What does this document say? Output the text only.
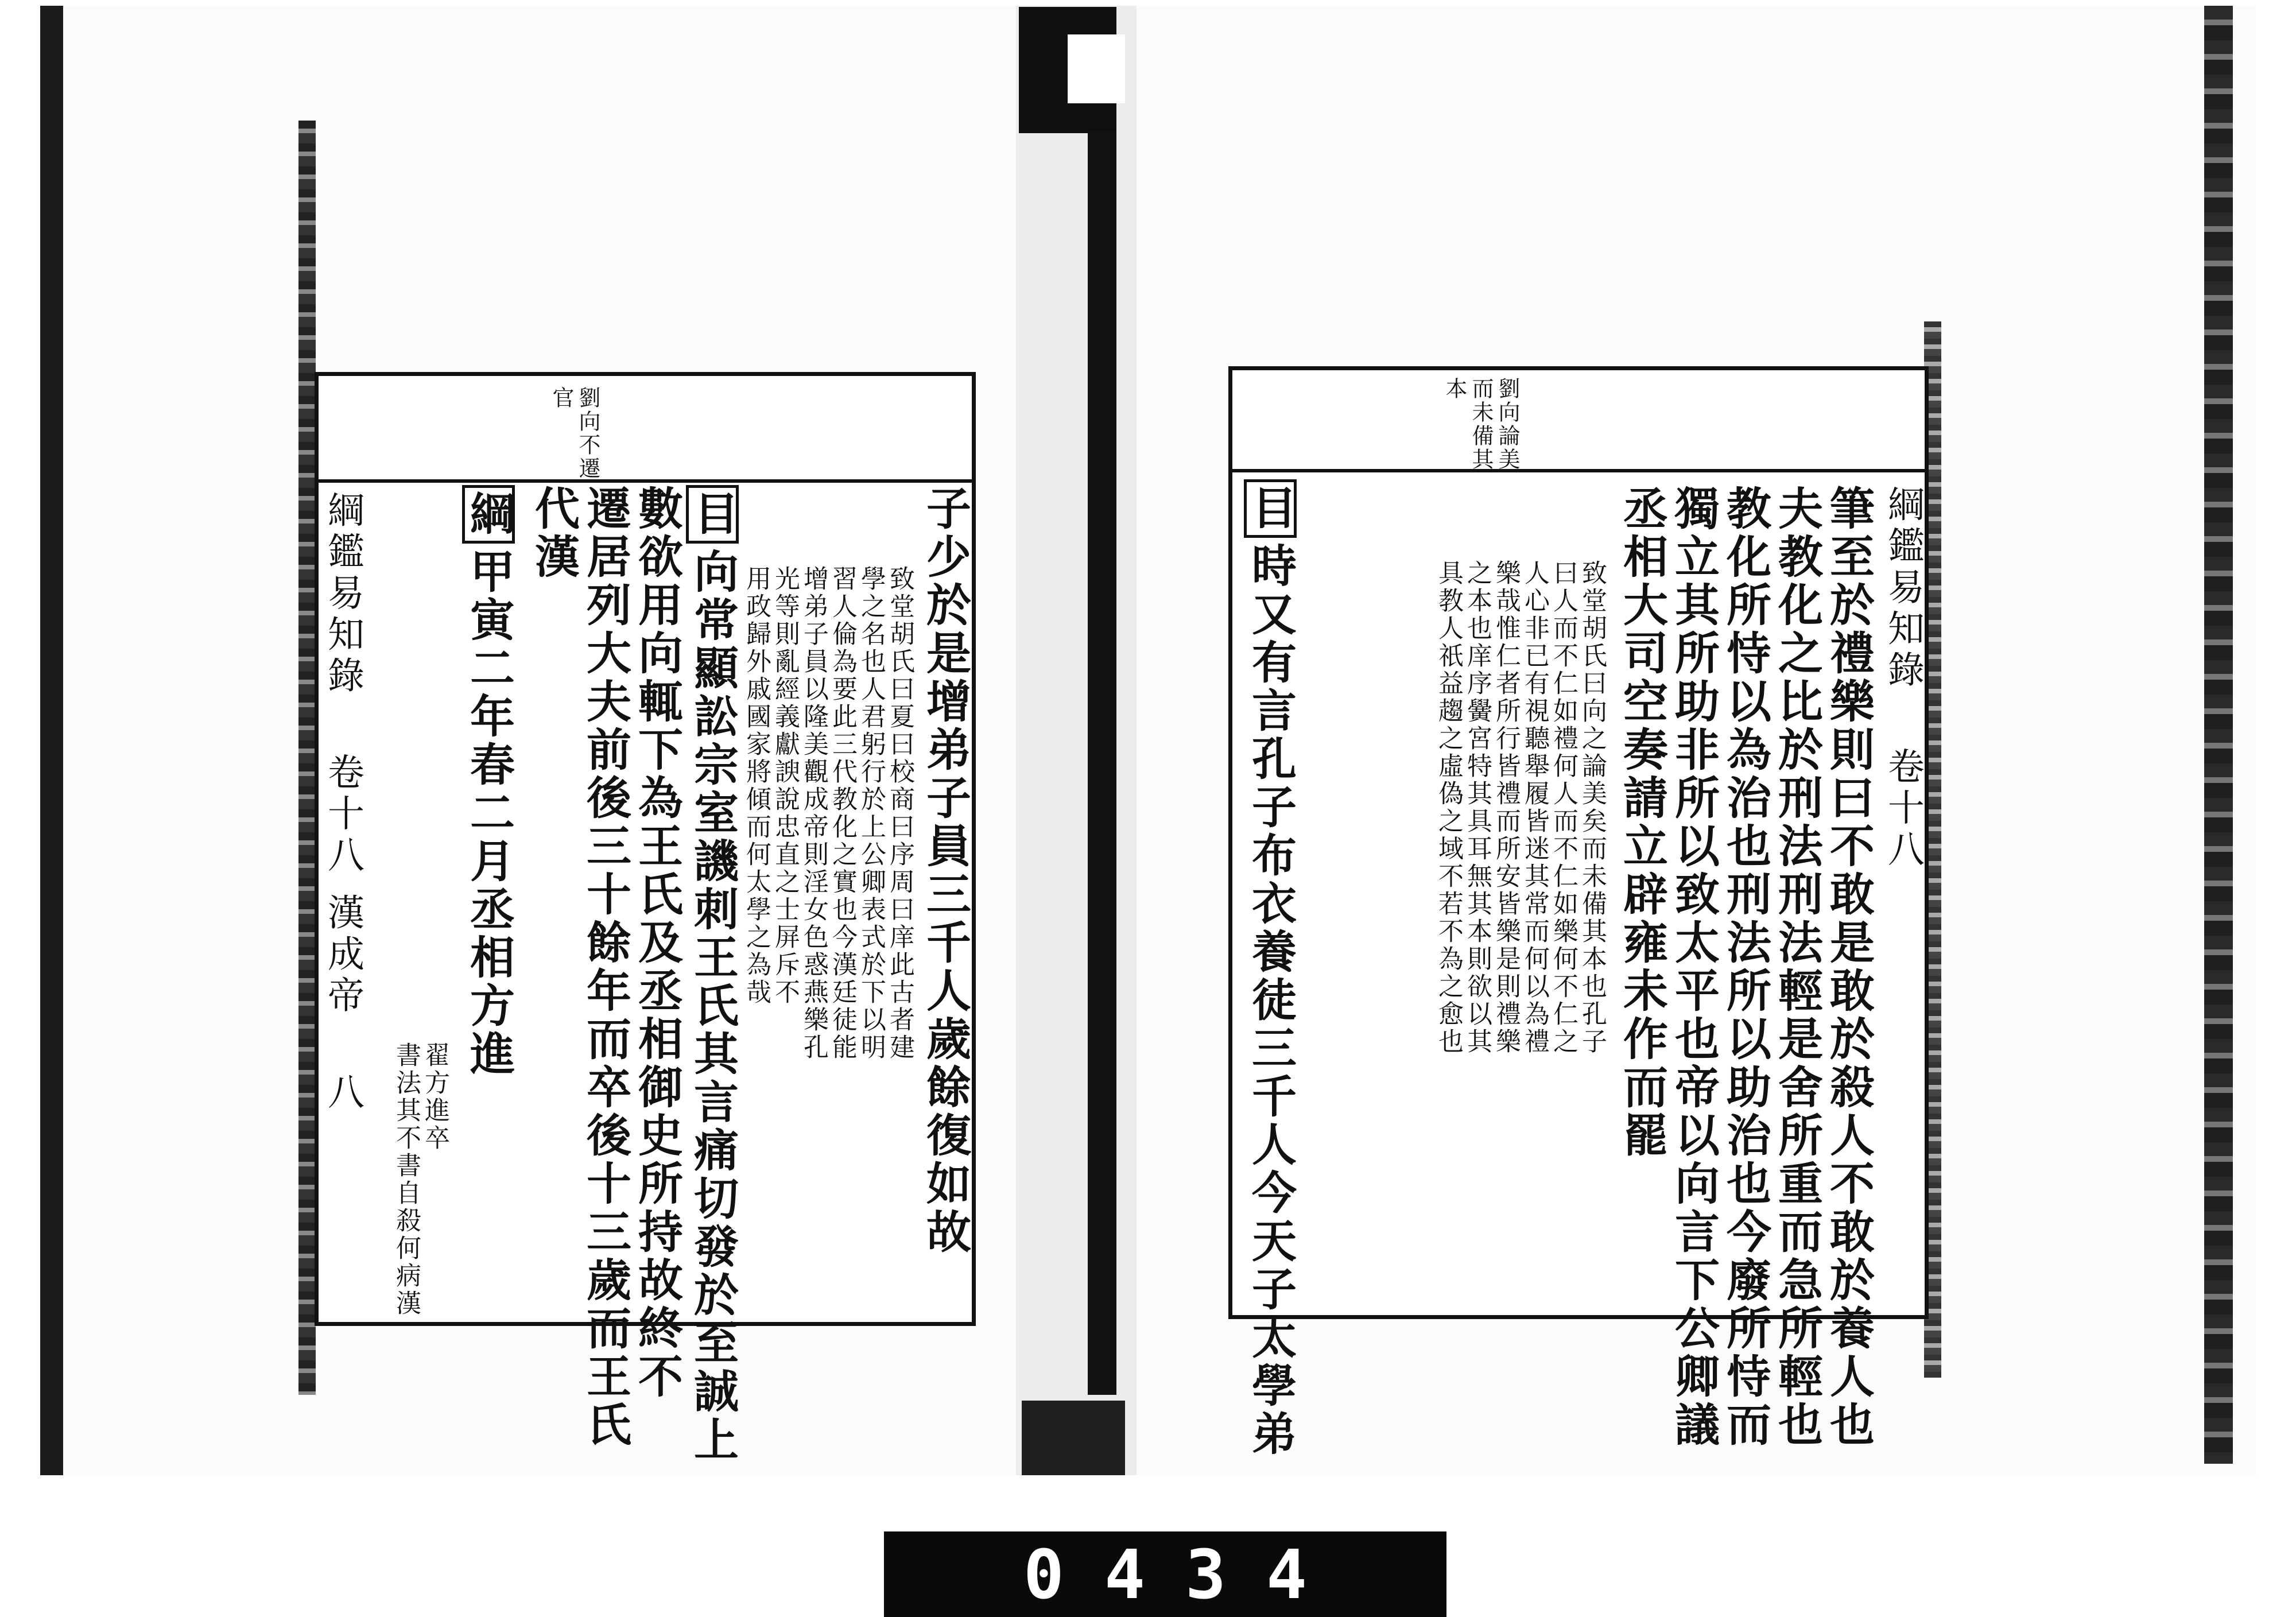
劉向不遷
官
子少於是增弟子員三千人歲餘復如故
致堂胡氏曰夏曰校商曰序周曰庠此古者建
學之名也人君躬行於上公卿表式於下以明
習人倫為要此三代教化之實也今漢廷徒能
增弟子員以隆美觀成帝則淫女色惑燕樂孔
光等則亂經義獻諛說忠直之士屏斥不
用政歸外戚國家將傾而何太學之為哉
目向常顯訟宗室譏刺王氏其言痛切發於至誠上
數欲用向輒下為王氏及丞相御史所持故終不
遷居列大夫前後三十餘年而卒後十三歲而王氏
代漢
綱甲寅二年春二月丞相方進
翟方進卒
書法其不書自殺何病漢
綱鑑易知錄  卷十八 漢成帝  八
劉向論美
而未備其
本
綱鑑易知錄  卷十八
筆至於禮樂則曰不敢是敢於殺人不敢於養人也
夫教化之比於刑法刑法輕是舍所重而急所輕也
教化所恃以為治也刑法所以助治也今廢所恃而
獨立其所助非所以致太平也帝以向言下公卿議
丞相大司空奏請立辟雍未作而罷
致堂胡氏曰向之論美矣而未備其本也孔子
曰人而不仁如禮何人而不仁如樂何不仁之
人心非已有視聽舉履皆迷其常而何以為禮
樂哉惟仁者所行皆禮而所安皆樂是則禮樂
之本也庠序黌宮特其具耳無其本則欲以其
具教人祇益趨之虛偽之域不若不為之愈也
目時又有言孔子布衣養徒三千人今天子太學弟
0434
